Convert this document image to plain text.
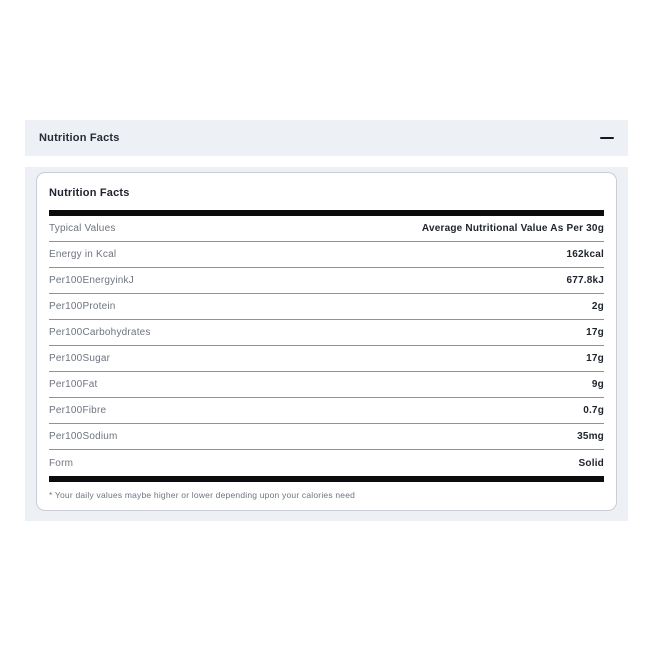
Nutrition Facts
Nutrition Facts
Typical Values	Average Nutritional Value As Per 30g
Energy in Kcal	162kcal
Per100EnergyinkJ	677.8kJ
Per100Protein	2g
Per100Carbohydrates	17g
Per100Sugar	17g
Per100Fat	9g
Per100Fibre	0.7g
Per100Sodium	35mg
Form	Solid
* Your daily values maybe higher or lower depending upon your calories need
